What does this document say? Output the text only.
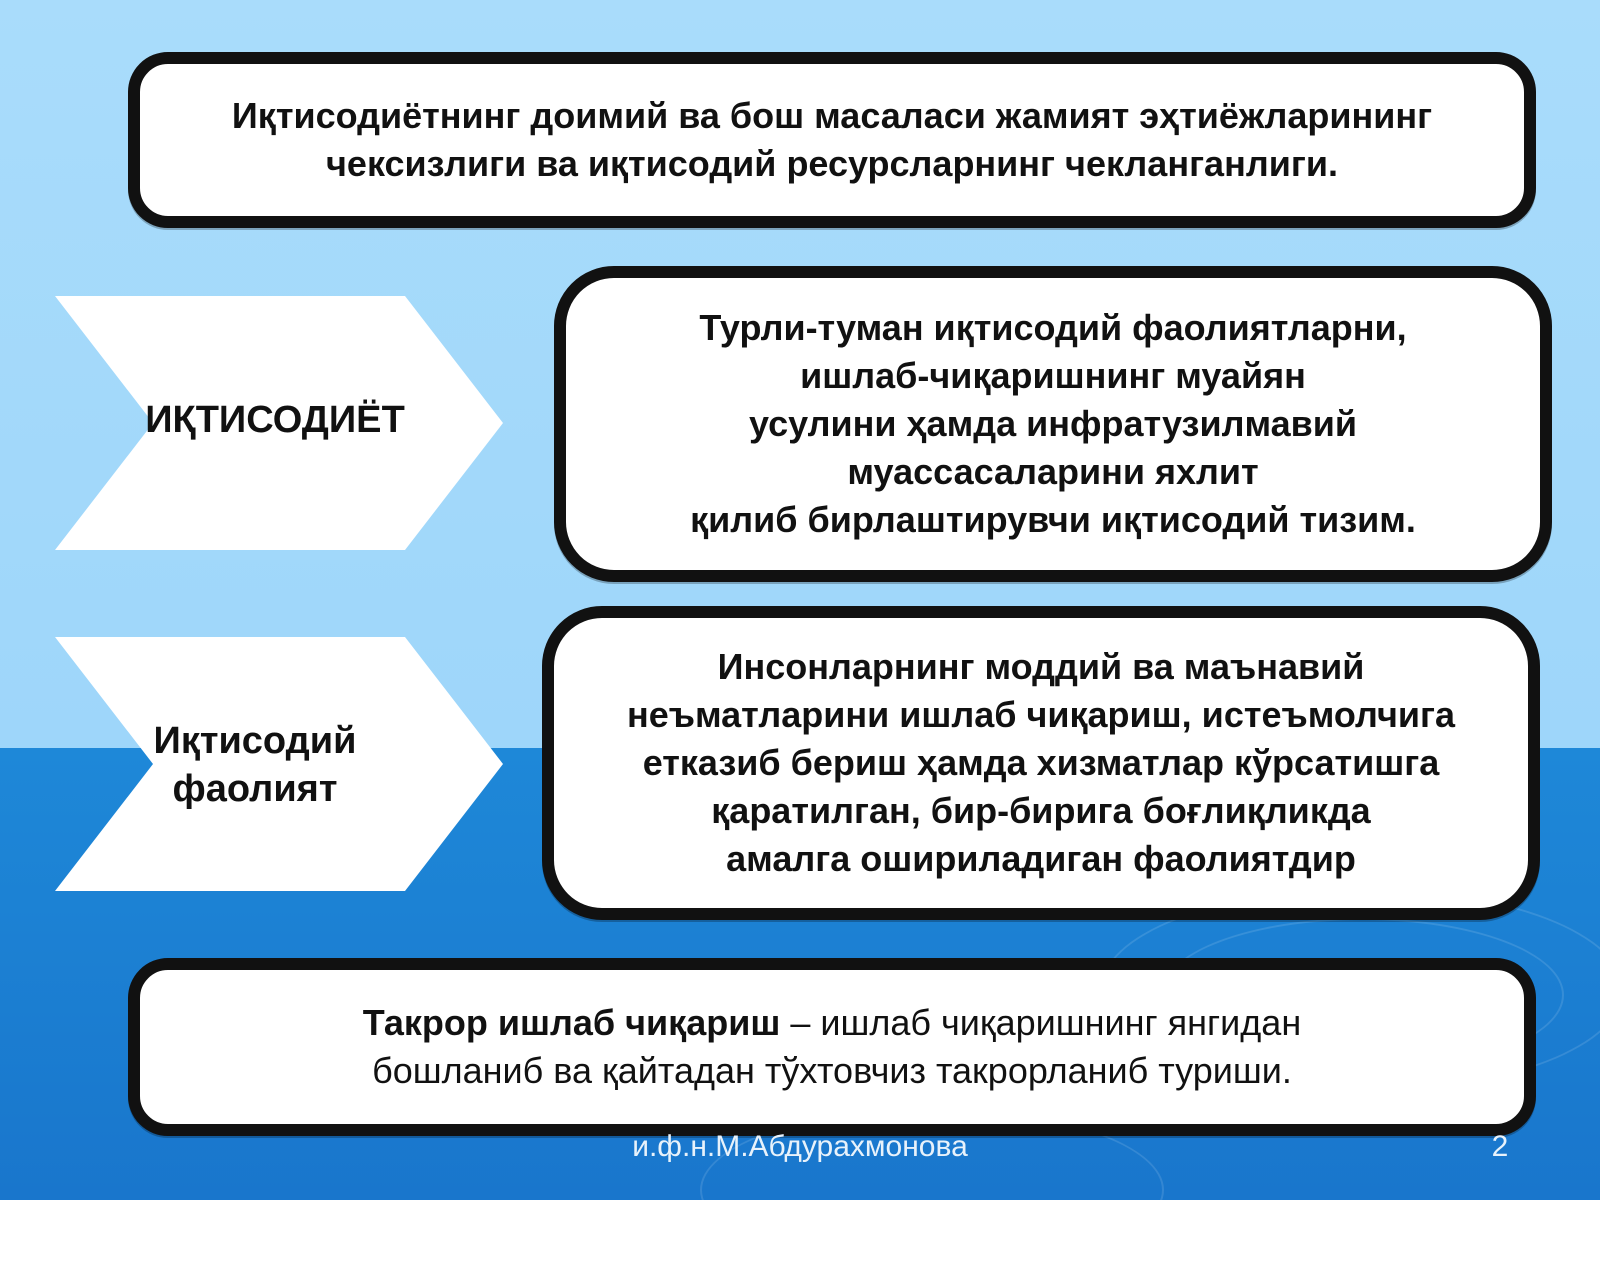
Иқтисодиётнинг доимий ва бош масаласи жамият эҳтиёжларининг
чексизлиги ва иқтисодий ресурсларнинг чекланганлиги.
ИҚТИСОДИЁТ
Турли-туман иқтисодий фаолиятларни,
ишлаб-чиқаришнинг муайян
усулини ҳамда инфратузилмавий
муассасаларини яхлит
қилиб бирлаштирувчи иқтисодий тизим.
Иқтисодий
фаолият
Инсонларнинг моддий ва маънавий
неъматларини ишлаб чиқариш, истеъмолчига
етказиб бериш ҳамда хизматлар кўрсатишга
қаратилган, бир-бирига боғлиқликда
амалга ошириладиган фаолиятдир
Такрор ишлаб чиқариш – ишлаб чиқаришнинг янгидан
бошланиб ва қайтадан тўхтовчиз такрорланиб туриши.
и.ф.н.М.Абдурахмонова	2
